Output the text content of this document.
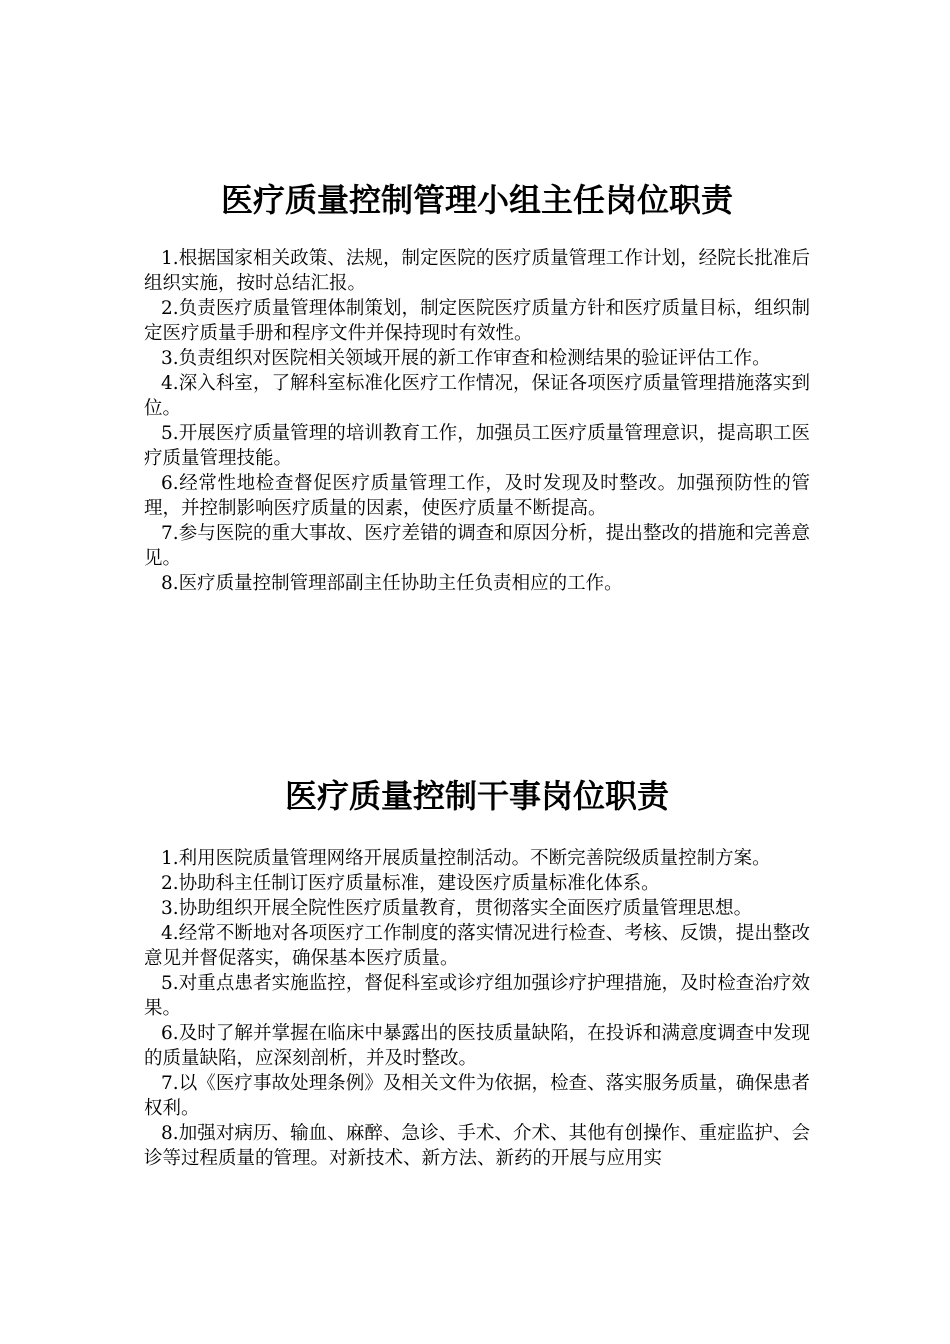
医疗质量控制管理小组主任岗位职责

1.根据国家相关政策、法规，制定医院的医疗质量管理工作计划，经院长批准后组织实施，按时总结汇报。

2.负责医疗质量管理体制策划，制定医院医疗质量方针和医疗质量目标，组织制定医疗质量手册和程序文件并保持现时有效性。

3.负责组织对医院相关领域开展的新工作审查和检测结果的验证评估工作。

4.深入科室，了解科室标准化医疗工作情况，保证各项医疗质量管理措施落实到位。

5.开展医疗质量管理的培训教育工作，加强员工医疗质量管理意识，提高职工医疗质量管理技能。

6.经常性地检查督促医疗质量管理工作，及时发现及时整改。加强预防性的管理，并控制影响医疗质量的因素，使医疗质量不断提高。

7.参与医院的重大事故、医疗差错的调查和原因分析，提出整改的措施和完善意见。

8.医疗质量控制管理部副主任协助主任负责相应的工作。

医疗质量控制干事岗位职责

1.利用医院质量管理网络开展质量控制活动。不断完善院级质量控制方案。

2.协助科主任制订医疗质量标准，建设医疗质量标准化体系。

3.协助组织开展全院性医疗质量教育，贯彻落实全面医疗质量管理思想。

4.经常不断地对各项医疗工作制度的落实情况进行检查、考核、反馈，提出整改意见并督促落实，确保基本医疗质量。

5.对重点患者实施监控，督促科室或诊疗组加强诊疗护理措施，及时检查治疗效果。

6.及时了解并掌握在临床中暴露出的医技质量缺陷，在投诉和满意度调查中发现的质量缺陷，应深刻剖析，并及时整改。

7.以《医疗事故处理条例》及相关文件为依据，检查、落实服务质量，确保患者权利。

8.加强对病历、输血、麻醉、急诊、手术、介术、其他有创操作、重症监护、会诊等过程质量的管理。对新技术、新方法、新药的开展与应用实
